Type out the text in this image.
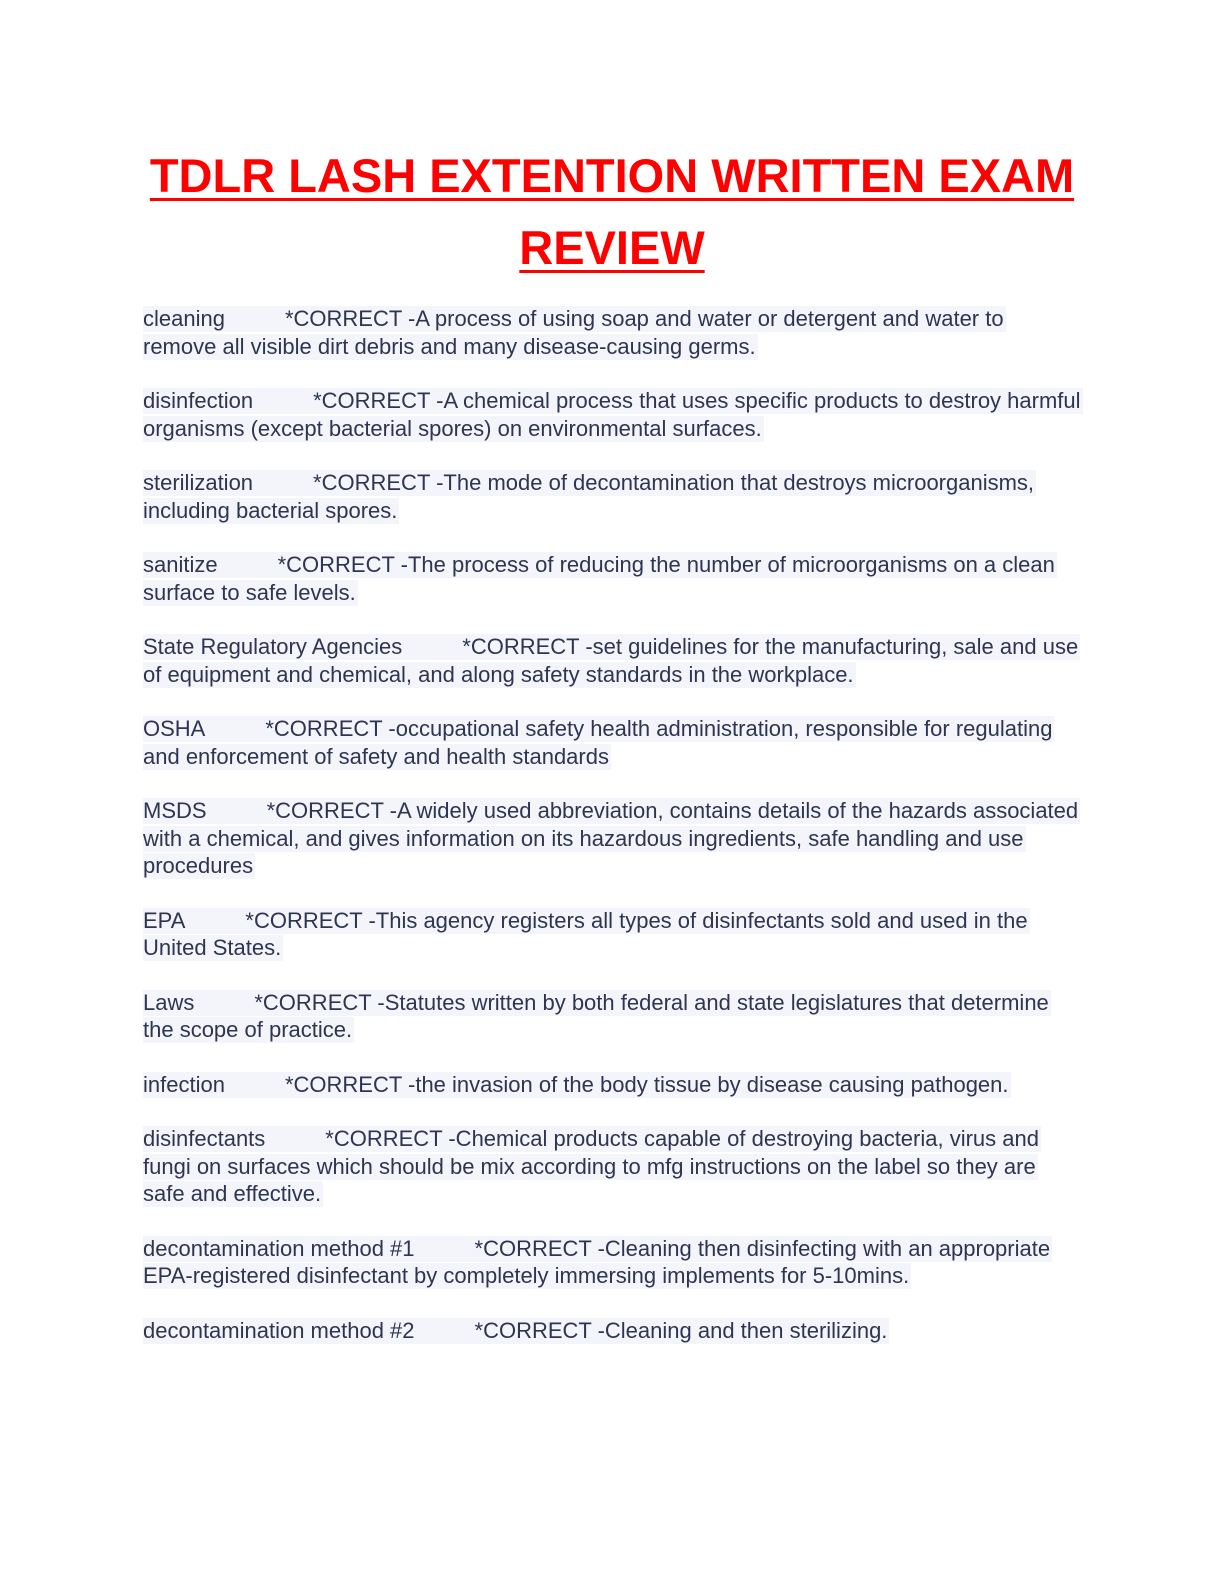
TDLR LASH EXTENTION WRITTEN EXAM
REVIEW

cleaning	*CORRECT -A process of using soap and water or detergent and water to remove all visible dirt debris and many disease-causing germs.

disinfection	*CORRECT -A chemical process that uses specific products to destroy harmful organisms (except bacterial spores) on environmental surfaces.

sterilization	*CORRECT -The mode of decontamination that destroys microorganisms, including bacterial spores.

sanitize	*CORRECT -The process of reducing the number of microorganisms on a clean surface to safe levels.

State Regulatory Agencies	*CORRECT -set guidelines for the manufacturing, sale and use of equipment and chemical, and along safety standards in the workplace.

OSHA	*CORRECT -occupational safety health administration, responsible for regulating and enforcement of safety and health standards

MSDS	*CORRECT -A widely used abbreviation, contains details of the hazards associated with a chemical, and gives information on its hazardous ingredients, safe handling and use procedures

EPA	*CORRECT -This agency registers all types of disinfectants sold and used in the United States.

Laws	*CORRECT -Statutes written by both federal and state legislatures that determine the scope of practice.

infection	*CORRECT -the invasion of the body tissue by disease causing pathogen.

disinfectants	*CORRECT -Chemical products capable of destroying bacteria, virus and fungi on surfaces which should be mix according to mfg instructions on the label so they are safe and effective.

decontamination method #1	*CORRECT -Cleaning then disinfecting with an appropriate EPA-registered disinfectant by completely immersing implements for 5-10mins.

decontamination method #2	*CORRECT -Cleaning and then sterilizing.
